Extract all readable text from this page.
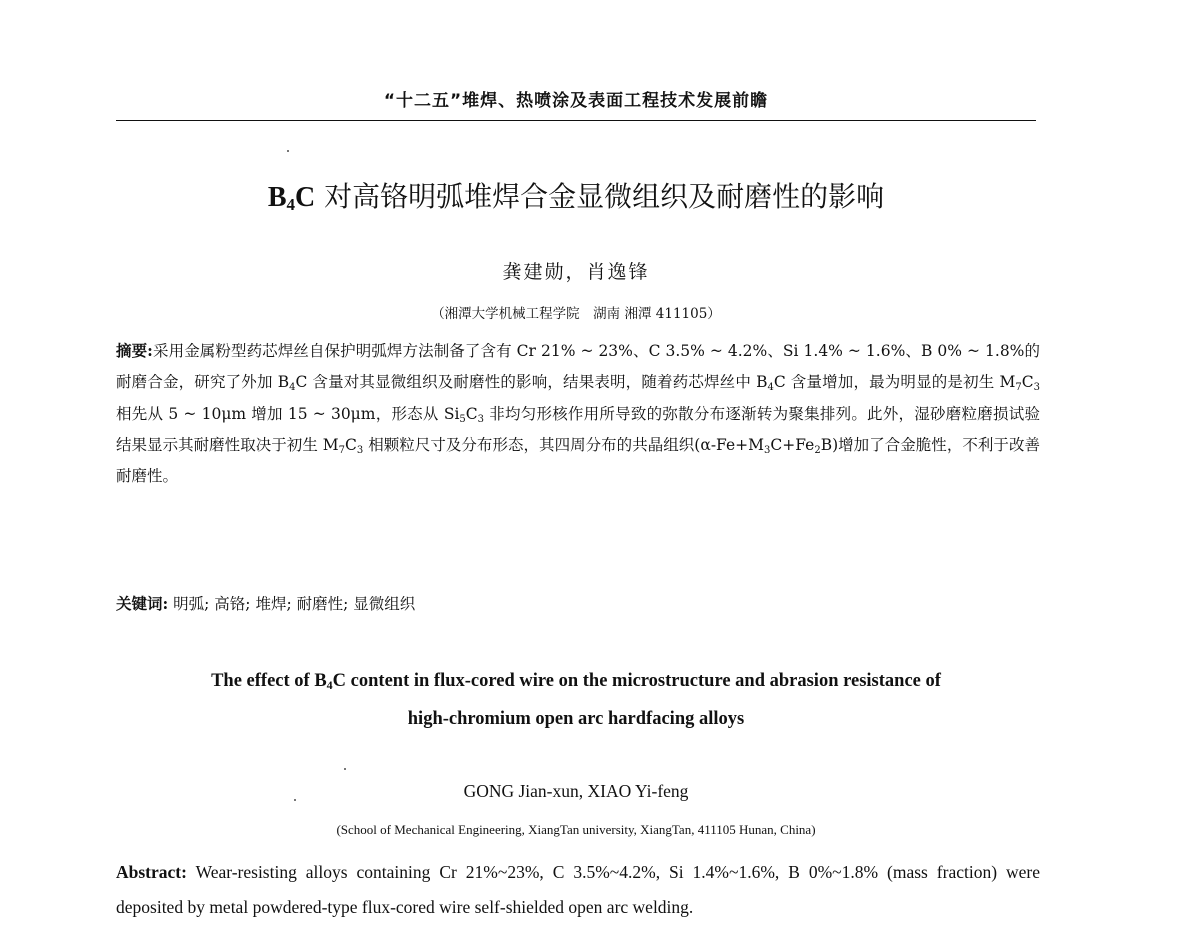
“十二五”堆焊、热喷涂及表面工程技术发展前瞻
$B_4C$ 对高铬明弧堆焊合金显微组织及耐磨性的影响
龚建勋，肖逸锋
（湘潭大学机械工程学院　湖南 湘潭 411105）
摘要:采用金属粉型药芯焊丝自保护明弧焊方法制备了含有 Cr 21% ~ 23%、C 3.5% ~ 4.2%、Si 1.4% ~ 1.6%、B 0% ~ 1.8%的耐磨合金，研究了外加 $B_4C$ 含量对其显微组织及耐磨性的影响，结果表明，随着药芯焊丝中 $B_4C$ 含量增加，最为明显的是初生 $M_7C_3$ 相先从 5 ~ 10μm 增加 15 ~ 30μm，形态从 $Si_5C_3$ 非均匀形核作用所导致的弥散分布逐渐转为聚集排列。此外，湿砂磨粒磨损试验结果显示其耐磨性取决于初生 $M_7C_3$ 相颗粒尺寸及分布形态，其四周分布的共晶组织$(\alpha-Fe+M_3C+Fe_2B)$增加了合金脆性，不利于改善耐磨性。
关键词: 明弧; 高铬; 堆焊; 耐磨性; 显微组织
The effect of $B_4C$ content in flux-cored wire on the microstructure and abrasion resistance of
high-chromium open arc hardfacing alloys
GONG Jian-xun, XIAO Yi-feng
(School of Mechanical Engineering, XiangTan university, XiangTan, 411105 Hunan, China)
Abstract: Wear-resisting alloys containing Cr 21%~23%, C 3.5%~4.2%, Si 1.4%~1.6%, B 0%~1.8% (mass fraction) were deposited by metal powdered-type flux-cored wire self-shielded open arc welding.
